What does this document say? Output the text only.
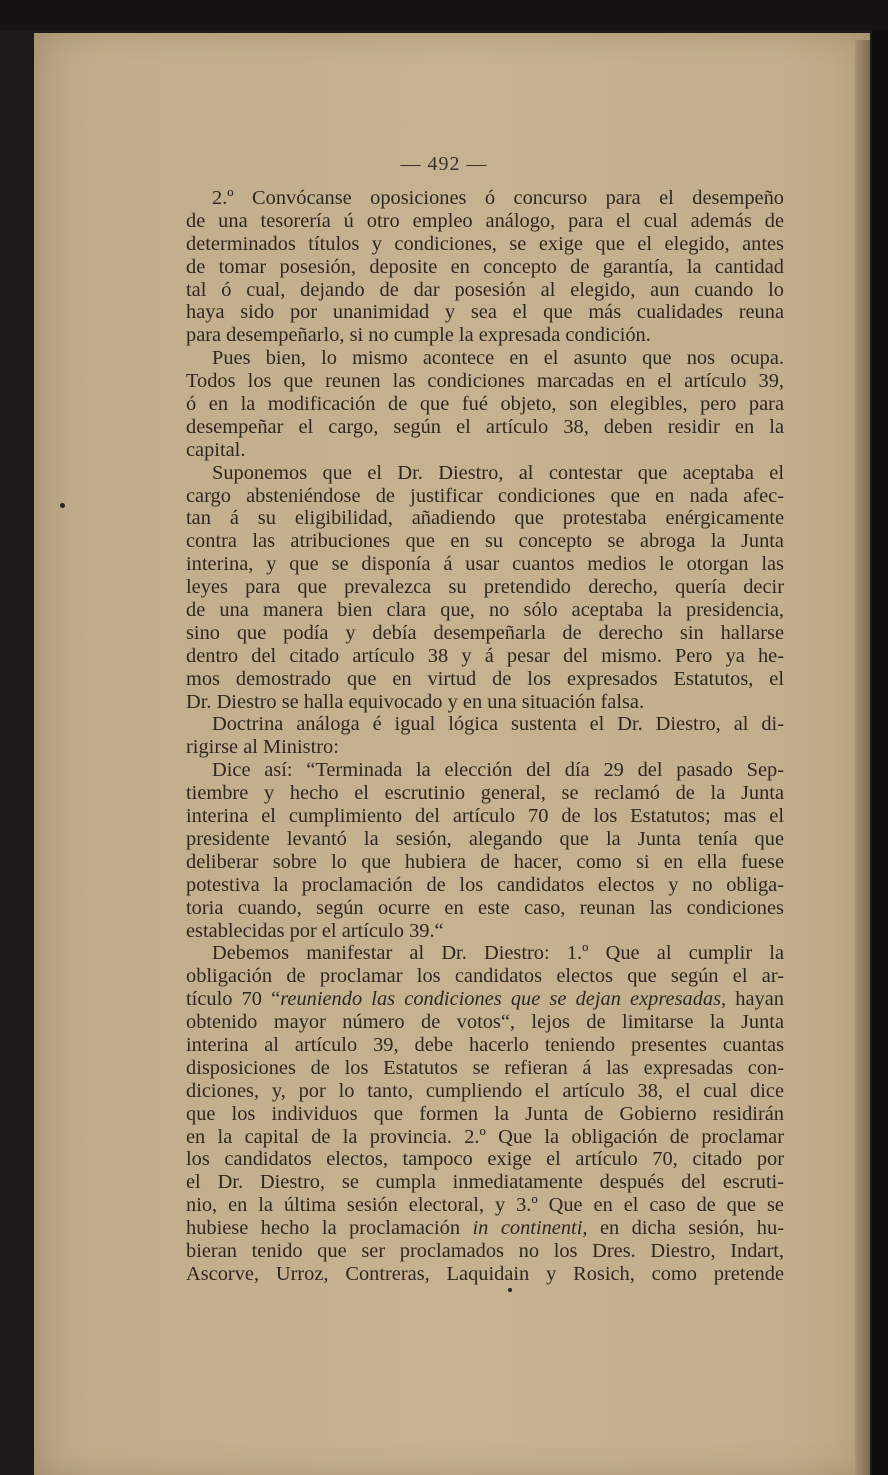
— 492 —
2.º Convócanse oposiciones ó concurso para el desempeño
de una tesorería ú otro empleo análogo, para el cual además de
determinados títulos y condiciones, se exige que el elegido, antes
de tomar posesión, deposite en concepto de garantía, la cantidad
tal ó cual, dejando de dar posesión al elegido, aun cuando lo
haya sido por unanimidad y sea el que más cualidades reuna
para desempeñarlo, si no cumple la expresada condición.
Pues bien, lo mismo acontece en el asunto que nos ocupa.
Todos los que reunen las condiciones marcadas en el artículo 39,
ó en la modificación de que fué objeto, son elegibles, pero para
desempeñar el cargo, según el artículo 38, deben residir en la
capital.
Suponemos que el Dr. Diestro, al contestar que aceptaba el
cargo absteniéndose de justificar condiciones que en nada afec-
tan á su eligibilidad, añadiendo que protestaba enérgicamente
contra las atribuciones que en su concepto se abroga la Junta
interina, y que se disponía á usar cuantos medios le otorgan las
leyes para que prevalezca su pretendido derecho, quería decir
de una manera bien clara que, no sólo aceptaba la presidencia,
sino que podía y debía desempeñarla de derecho sin hallarse
dentro del citado artículo 38 y á pesar del mismo. Pero ya he-
mos demostrado que en virtud de los expresados Estatutos, el
Dr. Diestro se halla equivocado y en una situación falsa.
Doctrina análoga é igual lógica sustenta el Dr. Diestro, al di-
rigirse al Ministro:
Dice así: “Terminada la elección del día 29 del pasado Sep-
tiembre y hecho el escrutinio general, se reclamó de la Junta
interina el cumplimiento del artículo 70 de los Estatutos; mas el
presidente levantó la sesión, alegando que la Junta tenía que
deliberar sobre lo que hubiera de hacer, como si en ella fuese
potestiva la proclamación de los candidatos electos y no obliga-
toria cuando, según ocurre en este caso, reunan las condiciones
establecidas por el artículo 39.“
Debemos manifestar al Dr. Diestro: 1.º Que al cumplir la
obligación de proclamar los candidatos electos que según el ar-
tículo 70 “reuniendo las condiciones que se dejan expresadas, hayan
obtenido mayor número de votos“, lejos de limitarse la Junta
interina al artículo 39, debe hacerlo teniendo presentes cuantas
disposiciones de los Estatutos se refieran á las expresadas con-
diciones, y, por lo tanto, cumpliendo el artículo 38, el cual dice
que los individuos que formen la Junta de Gobierno residirán
en la capital de la provincia. 2.º Que la obligación de proclamar
los candidatos electos, tampoco exige el artículo 70, citado por
el Dr. Diestro, se cumpla inmediatamente después del escruti-
nio, en la última sesión electoral, y 3.º Que en el caso de que se
hubiese hecho la proclamación in continenti, en dicha sesión, hu-
bieran tenido que ser proclamados no los Dres. Diestro, Indart,
Ascorve, Urroz, Contreras, Laquidain y Rosich, como pretende
